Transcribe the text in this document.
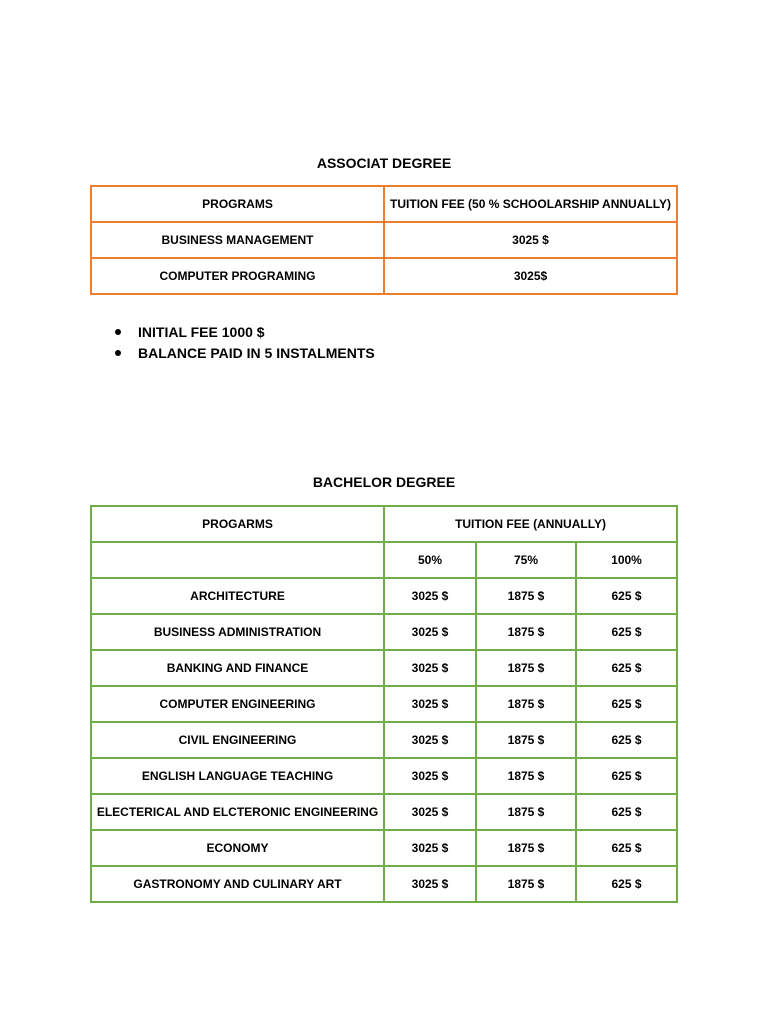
ASSOCIAT DEGREE
PROGRAMS	TUITION FEE (50 % SCHOOLARSHIP ANNUALLY)
BUSINESS MANAGEMENT	3025 $
COMPUTER PROGRAMING	3025$
INITIAL FEE 1000 $
BALANCE PAID IN 5 INSTALMENTS
BACHELOR DEGREE
PROGARMS	TUITION FEE (ANNUALLY)		
	50%	75%	100%
ARCHITECTURE	3025 $	1875 $	625 $
BUSINESS ADMINISTRATION	3025 $	1875 $	625 $
BANKING AND FINANCE	3025 $	1875 $	625 $
COMPUTER ENGINEERING	3025 $	1875 $	625 $
CIVIL ENGINEERING	3025 $	1875 $	625 $
ENGLISH LANGUAGE TEACHING	3025 $	1875 $	625 $
ELECTERICAL AND ELCTERONIC ENGINEERING	3025 $	1875 $	625 $
ECONOMY	3025 $	1875 $	625 $
GASTRONOMY AND CULINARY ART	3025 $	1875 $	625 $
